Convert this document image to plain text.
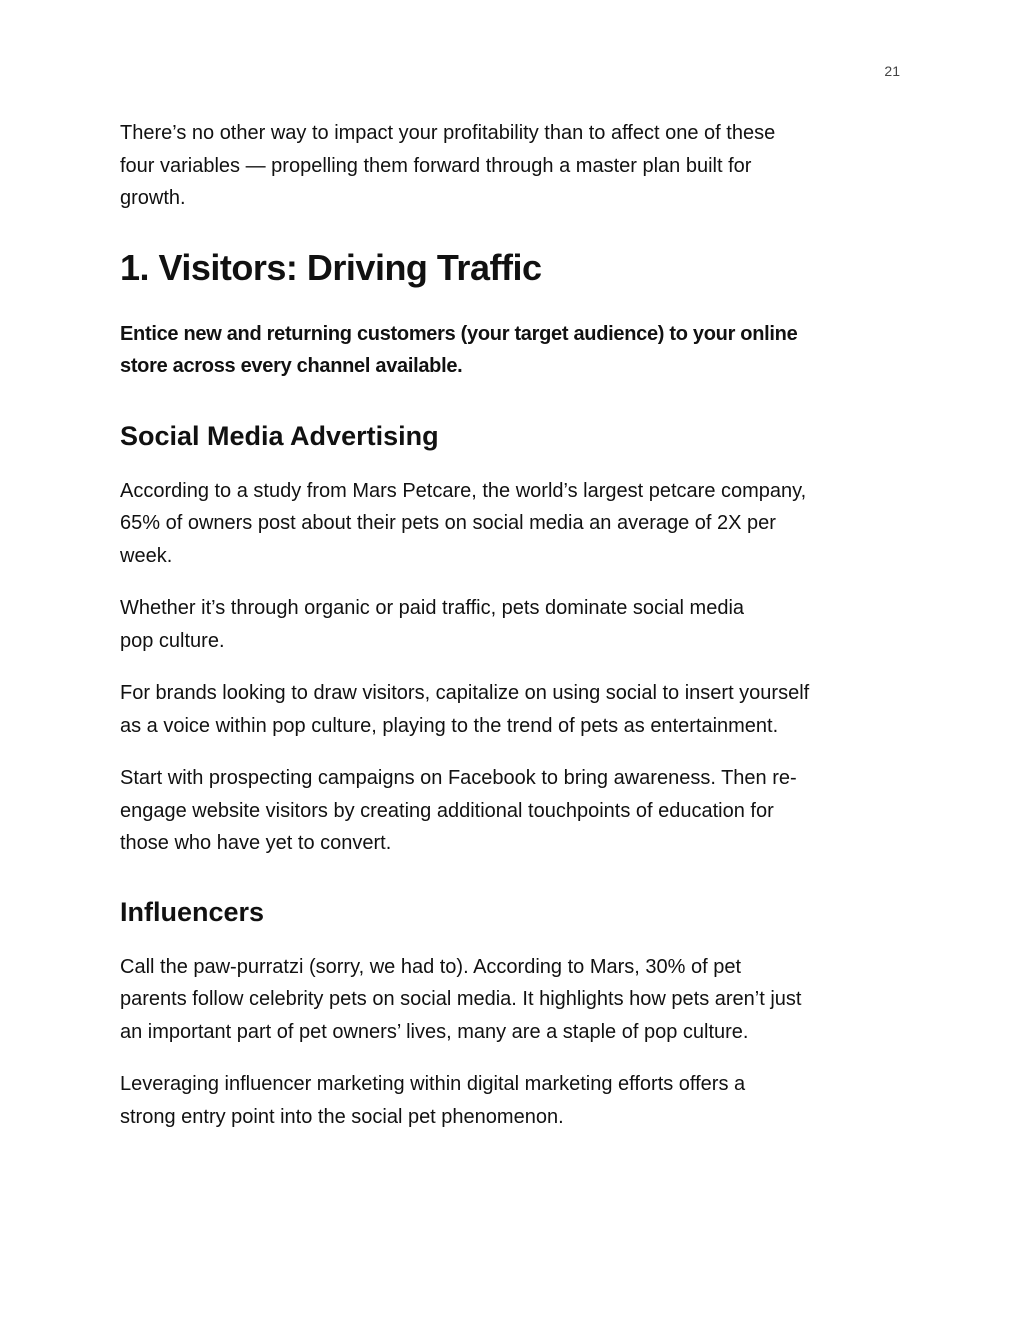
21

There’s no other way to impact your profitability than to affect one of these
four variables — propelling them forward through a master plan built for
growth.

1. Visitors: Driving Traffic

Entice new and returning customers (your target audience) to your online
store across every channel available.

Social Media Advertising

According to a study from Mars Petcare, the world’s largest petcare company,
65% of owners post about their pets on social media an average of 2X per
week.

Whether it’s through organic or paid traffic, pets dominate social media
pop culture.

For brands looking to draw visitors, capitalize on using social to insert yourself
as a voice within pop culture, playing to the trend of pets as entertainment.

Start with prospecting campaigns on Facebook to bring awareness. Then re-
engage website visitors by creating additional touchpoints of education for
those who have yet to convert.

Influencers

Call the paw-purratzi (sorry, we had to). According to Mars, 30% of pet
parents follow celebrity pets on social media. It highlights how pets aren’t just
an important part of pet owners’ lives, many are a staple of pop culture.

Leveraging influencer marketing within digital marketing efforts offers a
strong entry point into the social pet phenomenon.
